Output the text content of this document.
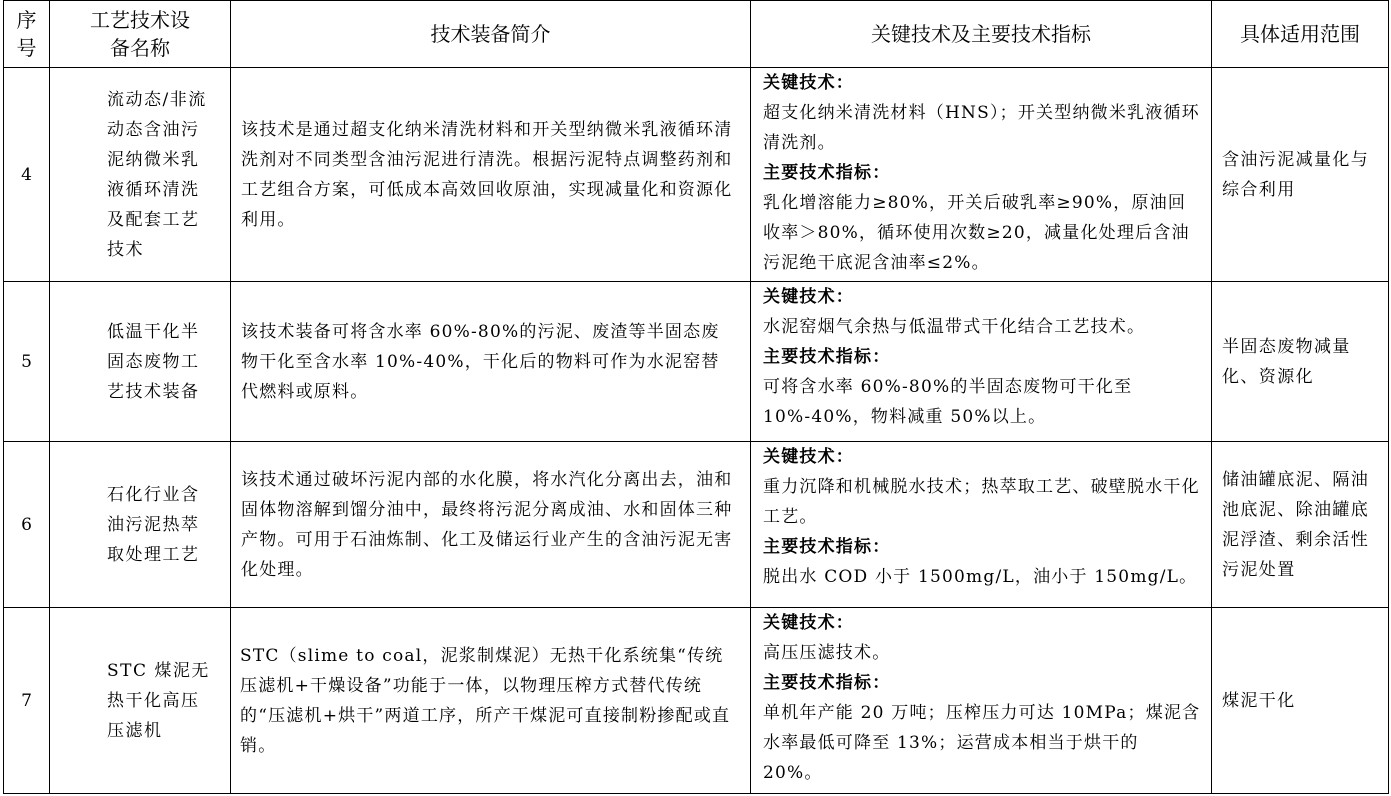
序号	工艺技术设备名称	技术装备简介	关键技术及主要技术指标	具体适用范围
4	流动态/非流动态含油污泥纳微米乳液循环清洗及配套工艺技术	该技术是通过超支化纳米清洗材料和开关型纳微米乳液循环清洗剂对不同类型含油污泥进行清洗。根据污泥特点调整药剂和工艺组合方案，可低成本高效回收原油，实现减量化和资源化利用。	关键技术：
超支化纳米清洗材料（HNS）；开关型纳微米乳液循环清洗剂。
主要技术指标：
乳化增溶能力≥80%，开关后破乳率≥90%，原油回收率＞80%，循环使用次数≥20，减量化处理后含油污泥绝干底泥含油率≤2%。	含油污泥减量化与综合利用
5	低温干化半固态废物工艺技术装备	该技术装备可将含水率 60%-80%的污泥、废渣等半固态废物干化至含水率 10%-40%，干化后的物料可作为水泥窑替代燃料或原料。	关键技术：
水泥窑烟气余热与低温带式干化结合工艺技术。
主要技术指标：
可将含水率 60%-80%的半固态废物可干化至 10%-40%，物料减重 50%以上。	半固态废物减量化、资源化
6	石化行业含油污泥热萃取处理工艺	该技术通过破坏污泥内部的水化膜，将水汽化分离出去，油和固体物溶解到馏分油中，最终将污泥分离成油、水和固体三种产物。可用于石油炼制、化工及储运行业产生的含油污泥无害化处理。	关键技术：
重力沉降和机械脱水技术；热萃取工艺、破壁脱水干化工艺。
主要技术指标：
脱出水 COD 小于 1500mg/L，油小于 150mg/L。	储油罐底泥、隔油池底泥、除油罐底泥浮渣、剩余活性污泥处置
7	STC 煤泥无热干化高压压滤机	STC（slime to coal，泥浆制煤泥）无热干化系统集“传统压滤机+干燥设备”功能于一体，以物理压榨方式替代传统的“压滤机+烘干”两道工序，所产干煤泥可直接制粉掺配或直销。	关键技术：
高压压滤技术。
主要技术指标：
单机年产能 20 万吨；压榨压力可达 10MPa；煤泥含水率最低可降至 13%；运营成本相当于烘干的 20%。	煤泥干化
